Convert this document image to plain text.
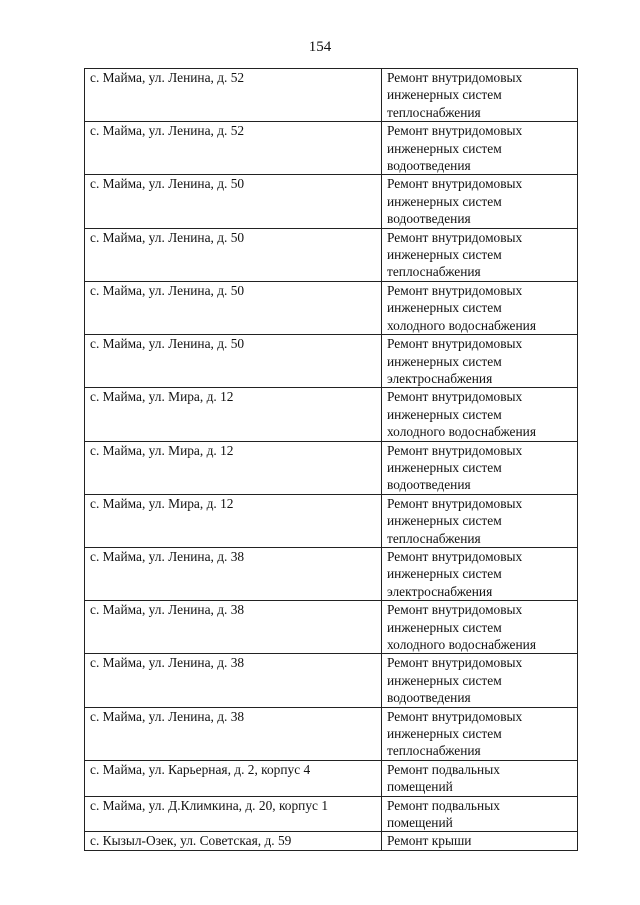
154
с. Майма, ул. Ленина, д. 52	Ремонт внутридомовых
инженерных систем
теплоснабжения

с. Майма, ул. Ленина, д. 52	Ремонт внутридомовых
инженерных систем
водоотведения

с. Майма, ул. Ленина, д. 50	Ремонт внутридомовых
инженерных систем
водоотведения

с. Майма, ул. Ленина, д. 50	Ремонт внутридомовых
инженерных систем
теплоснабжения

с. Майма, ул. Ленина, д. 50	Ремонт внутридомовых
инженерных систем
холодного водоснабжения

с. Майма, ул. Ленина, д. 50	Ремонт внутридомовых
инженерных систем
электроснабжения

с. Майма, ул. Мира, д. 12	Ремонт внутридомовых
инженерных систем
холодного водоснабжения

с. Майма, ул. Мира, д. 12	Ремонт внутридомовых
инженерных систем
водоотведения

с. Майма, ул. Мира, д. 12	Ремонт внутридомовых
инженерных систем
теплоснабжения

с. Майма, ул. Ленина, д. 38	Ремонт внутридомовых
инженерных систем
электроснабжения

с. Майма, ул. Ленина, д. 38	Ремонт внутридомовых
инженерных систем
холодного водоснабжения

с. Майма, ул. Ленина, д. 38	Ремонт внутридомовых
инженерных систем
водоотведения

с. Майма, ул. Ленина, д. 38	Ремонт внутридомовых
инженерных систем
теплоснабжения

с. Майма, ул. Карьерная, д. 2, корпус 4	Ремонт подвальных
помещений

с. Майма, ул. Д.Климкина, д. 20, корпус 1	Ремонт подвальных
помещений

с. Кызыл-Озек, ул. Советская, д. 59	Ремонт крыши
